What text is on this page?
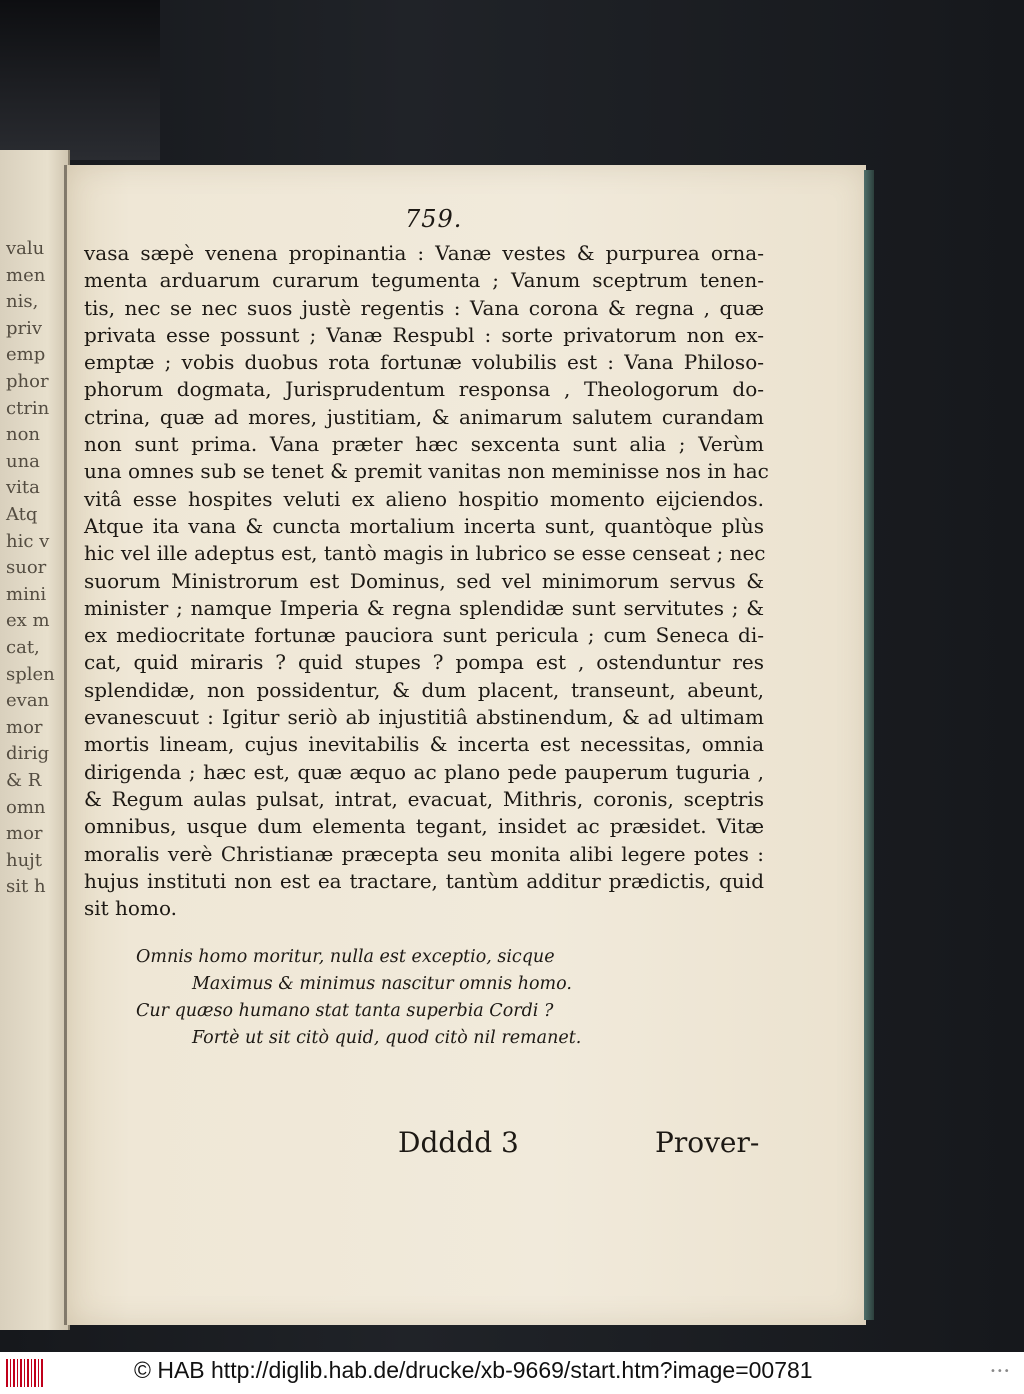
valu
men
nis,
priv
emp
phor
ctrin
non
una
vita
Atq
hic v
suor
mini
ex m
cat,
splen
evan
mor
dirig
& R
omn
mor
hujt
sit h
759.
vasa sæpè venena propinantia : Vanæ vestes & purpurea orna-
menta arduarum curarum tegumenta ; Vanum sceptrum tenen-
tis, nec se nec suos justè regentis : Vana corona & regna , quæ
privata esse possunt ; Vanæ Respubl : sorte privatorum non ex-
emptæ ; vobis duobus rota fortunæ volubilis est : Vana Philoso-
phorum dogmata, Jurisprudentum responsa , Theologorum do-
ctrina, quæ ad mores, justitiam, & animarum salutem curandam
non sunt prima. Vana præter hæc sexcenta sunt alia ; Verùm
una omnes sub se tenet & premit vanitas non meminisse nos in hac
vitâ esse hospites veluti ex alieno hospitio momento eijciendos.
Atque ita vana & cuncta mortalium incerta sunt, quantòque plùs
hic vel ille adeptus est, tantò magis in lubrico se esse censeat ; nec
suorum Ministrorum est Dominus, sed vel minimorum servus &
minister ; namque Imperia & regna splendidæ sunt servitutes ; &
ex mediocritate fortunæ pauciora sunt pericula ; cum Seneca di-
cat, quid miraris ? quid stupes ? pompa est , ostenduntur res
splendidæ, non possidentur, & dum placent, transeunt, abeunt,
evanescuut : Igitur seriò ab injustitiâ abstinendum, & ad ultimam
mortis lineam, cujus inevitabilis & incerta est necessitas, omnia
dirigenda ; hæc est, quæ æquo ac plano pede pauperum tuguria ,
& Regum aulas pulsat, intrat, evacuat, Mithris, coronis, sceptris
omnibus, usque dum elementa tegant, insidet ac præsidet. Vitæ
moralis verè Christianæ præcepta seu monita alibi legere potes :
hujus instituti non est ea tractare, tantùm additur prædictis, quid
sit homo.
Omnis homo moritur, nulla est exceptio, sicque
Maximus & minimus nascitur omnis homo.
Cur quæso humano stat tanta superbia Cordi ?
Fortè ut sit citò quid, quod citò nil remanet.
Ddddd 3	Prover-
© HAB http://diglib.hab.de/drucke/xb-9669/start.htm?image=00781	•••
